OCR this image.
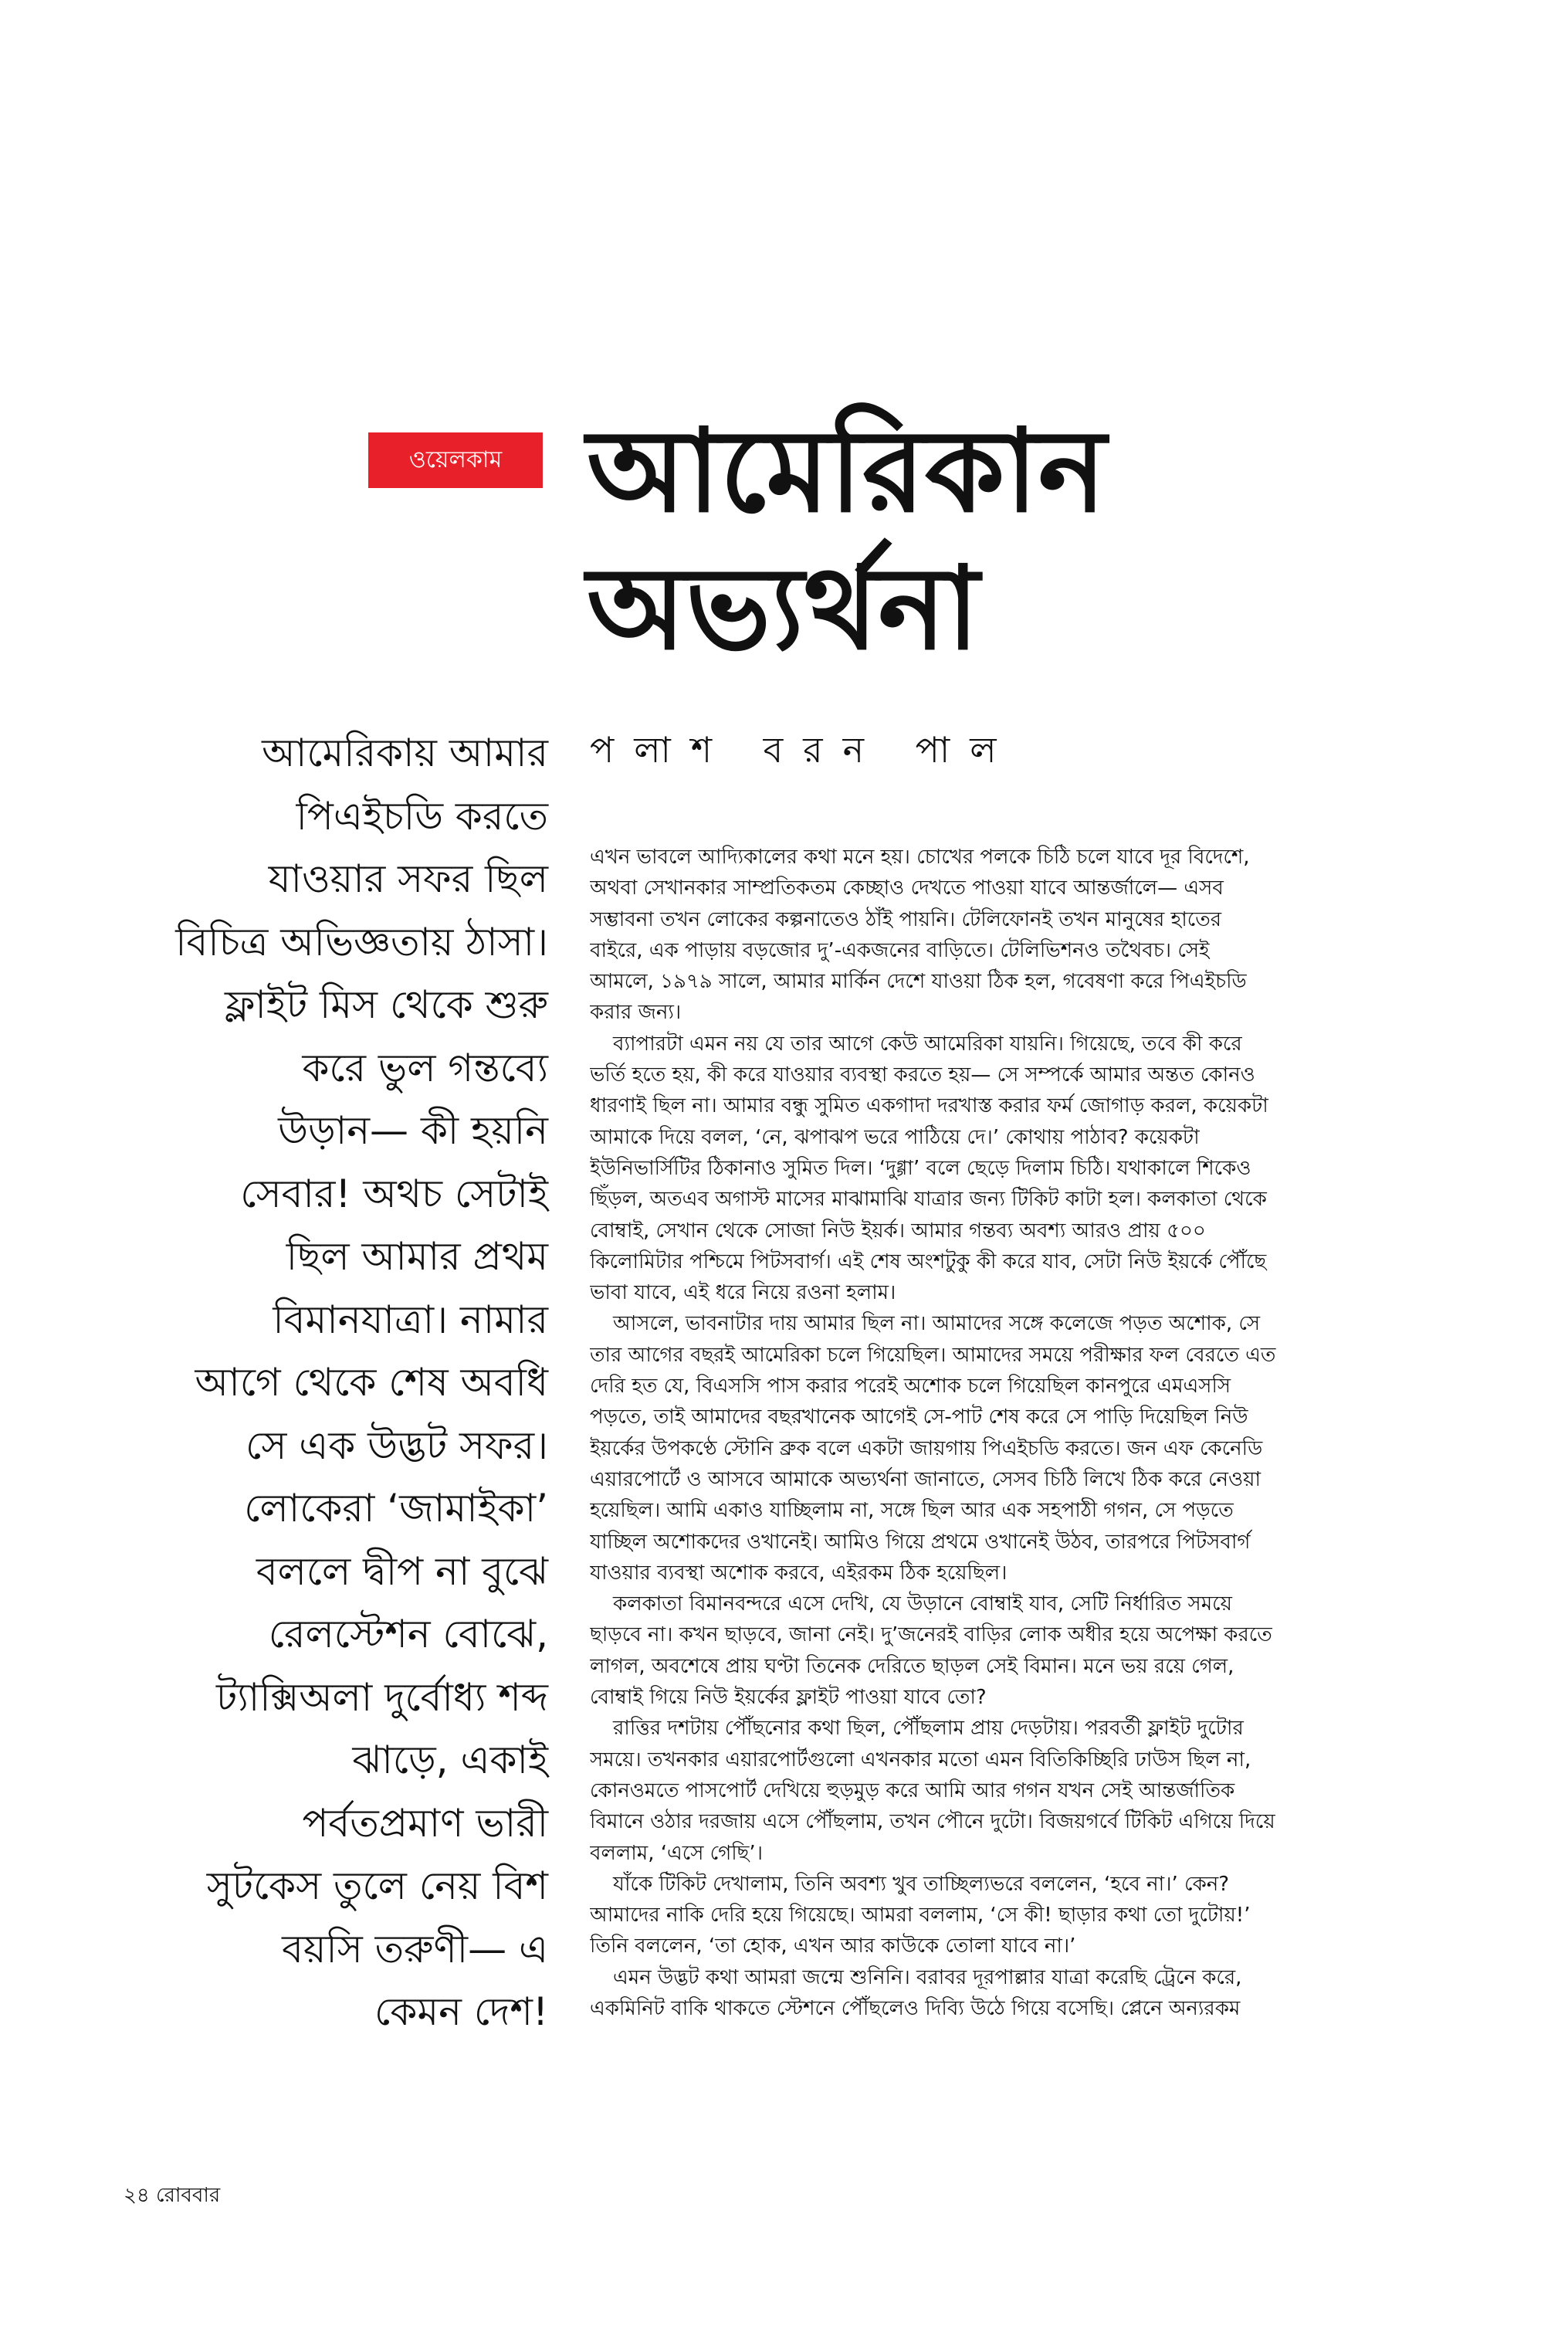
ওয়েলকাম আমেরিকান
অভ্যর্থনা
পলাশ বরন পাল
আমেরিকায় আমার
পিএইচডি করতে
যাওয়ার সফর ছিল
বিচিত্র অভিজ্ঞতায় ঠাসা।
ফ্লাইট মিস থেকে শুরু
করে ভুল গন্তব্যে
উড়ান— কী হয়নি
সেবার! অথচ সেটাই
ছিল আমার প্রথম
বিমানযাত্রা। নামার
আগে থেকে শেষ অবধি
সে এক উদ্ভট সফর।
লোকেরা ‘জামাইকা’
বললে দ্বীপ না বুঝে
রেলস্টেশন বোঝে,
ট্যাক্সিঅলা দুর্বোধ্য শব্দ
ঝাড়ে, একাই
পর্বতপ্রমাণ ভারী
সুটকেস তুলে নেয় বিশ
বয়সি তরুণী— এ
কেমন দেশ!
এখন ভাবলে আদ্যিকালের কথা মনে হয়। চোখের পলকে চিঠি চলে যাবে দূর বিদেশে,
অথবা সেখানকার সাম্প্রতিকতম কেচ্ছাও দেখতে পাওয়া যাবে আন্তর্জালে— এসব
সম্ভাবনা তখন লোকের কল্পনাতেও ঠাঁই পায়নি। টেলিফোনই তখন মানুষের হাতের
বাইরে, এক পাড়ায় বড়জোর দু’-একজনের বাড়িতে। টেলিভিশনও তথৈবচ। সেই
আমলে, ১৯৭৯ সালে, আমার মার্কিন দেশে যাওয়া ঠিক হল, গবেষণা করে পিএইচডি
করার জন্য।
ব্যাপারটা এমন নয় যে তার আগে কেউ আমেরিকা যায়নি। গিয়েছে, তবে কী করে
ভর্তি হতে হয়, কী করে যাওয়ার ব্যবস্থা করতে হয়— সে সম্পর্কে আমার অন্তত কোনও
ধারণাই ছিল না। আমার বন্ধু সুমিত একগাদা দরখাস্ত করার ফর্ম জোগাড় করল, কয়েকটা
আমাকে দিয়ে বলল, ‘নে, ঝপাঝপ ভরে পাঠিয়ে দে।’ কোথায় পাঠাব? কয়েকটা
ইউনিভার্সিটির ঠিকানাও সুমিত দিল। ‘দুগ্গা’ বলে ছেড়ে দিলাম চিঠি। যথাকালে শিকেও
ছিঁড়ল, অতএব অগাস্ট মাসের মাঝামাঝি যাত্রার জন্য টিকিট কাটা হল। কলকাতা থেকে
বোম্বাই, সেখান থেকে সোজা নিউ ইয়র্ক। আমার গন্তব্য অবশ্য আরও প্রায় ৫০০
কিলোমিটার পশ্চিমে পিটসবার্গ। এই শেষ অংশটুকু কী করে যাব, সেটা নিউ ইয়র্কে পৌঁছে
ভাবা যাবে, এই ধরে নিয়ে রওনা হলাম।
আসলে, ভাবনাটার দায় আমার ছিল না। আমাদের সঙ্গে কলেজে পড়ত অশোক, সে
তার আগের বছরই আমেরিকা চলে গিয়েছিল। আমাদের সময়ে পরীক্ষার ফল বেরতে এত
দেরি হত যে, বিএসসি পাস করার পরেই অশোক চলে গিয়েছিল কানপুরে এমএসসি
পড়তে, তাই আমাদের বছরখানেক আগেই সে-পাট শেষ করে সে পাড়ি দিয়েছিল নিউ
ইয়র্কের উপকণ্ঠে স্টোনি ব্রুক বলে একটা জায়গায় পিএইচডি করতে। জন এফ কেনেডি
এয়ারপোর্টে ও আসবে আমাকে অভ্যর্থনা জানাতে, সেসব চিঠি লিখে ঠিক করে নেওয়া
হয়েছিল। আমি একাও যাচ্ছিলাম না, সঙ্গে ছিল আর এক সহপাঠী গগন, সে পড়তে
যাচ্ছিল অশোকদের ওখানেই। আমিও গিয়ে প্রথমে ওখানেই উঠব, তারপরে পিটসবার্গ
যাওয়ার ব্যবস্থা অশোক করবে, এইরকম ঠিক হয়েছিল।
কলকাতা বিমানবন্দরে এসে দেখি, যে উড়ানে বোম্বাই যাব, সেটি নির্ধারিত সময়ে
ছাড়বে না। কখন ছাড়বে, জানা নেই। দু’জনেরই বাড়ির লোক অধীর হয়ে অপেক্ষা করতে
লাগল, অবশেষে প্রায় ঘণ্টা তিনেক দেরিতে ছাড়ল সেই বিমান। মনে ভয় রয়ে গেল,
বোম্বাই গিয়ে নিউ ইয়র্কের ফ্লাইট পাওয়া যাবে তো?
রাত্তির দশটায় পৌঁছনোর কথা ছিল, পৌঁছলাম প্রায় দেড়টায়। পরবর্তী ফ্লাইট দুটোর
সময়ে। তখনকার এয়ারপোর্টগুলো এখনকার মতো এমন বিতিকিচ্ছিরি ঢাউস ছিল না,
কোনওমতে পাসপোর্ট দেখিয়ে হুড়মুড় করে আমি আর গগন যখন সেই আন্তর্জাতিক
বিমানে ওঠার দরজায় এসে পৌঁছলাম, তখন পৌনে দুটো। বিজয়গর্বে টিকিট এগিয়ে দিয়ে
বললাম, ‘এসে গেছি’।
যাঁকে টিকিট দেখালাম, তিনি অবশ্য খুব তাচ্ছিল্যভরে বললেন, ‘হবে না।’ কেন?
আমাদের নাকি দেরি হয়ে গিয়েছে। আমরা বললাম, ‘সে কী! ছাড়ার কথা তো দুটোয়!’
তিনি বললেন, ‘তা হোক, এখন আর কাউকে তোলা যাবে না।’
এমন উদ্ভট কথা আমরা জন্মে শুনিনি। বরাবর দূরপাল্লার যাত্রা করেছি ট্রেনে করে,
একমিনিট বাকি থাকতে স্টেশনে পৌঁছলেও দিব্যি উঠে গিয়ে বসেছি। প্লেনে অন্যরকম
২৪ রোববার
